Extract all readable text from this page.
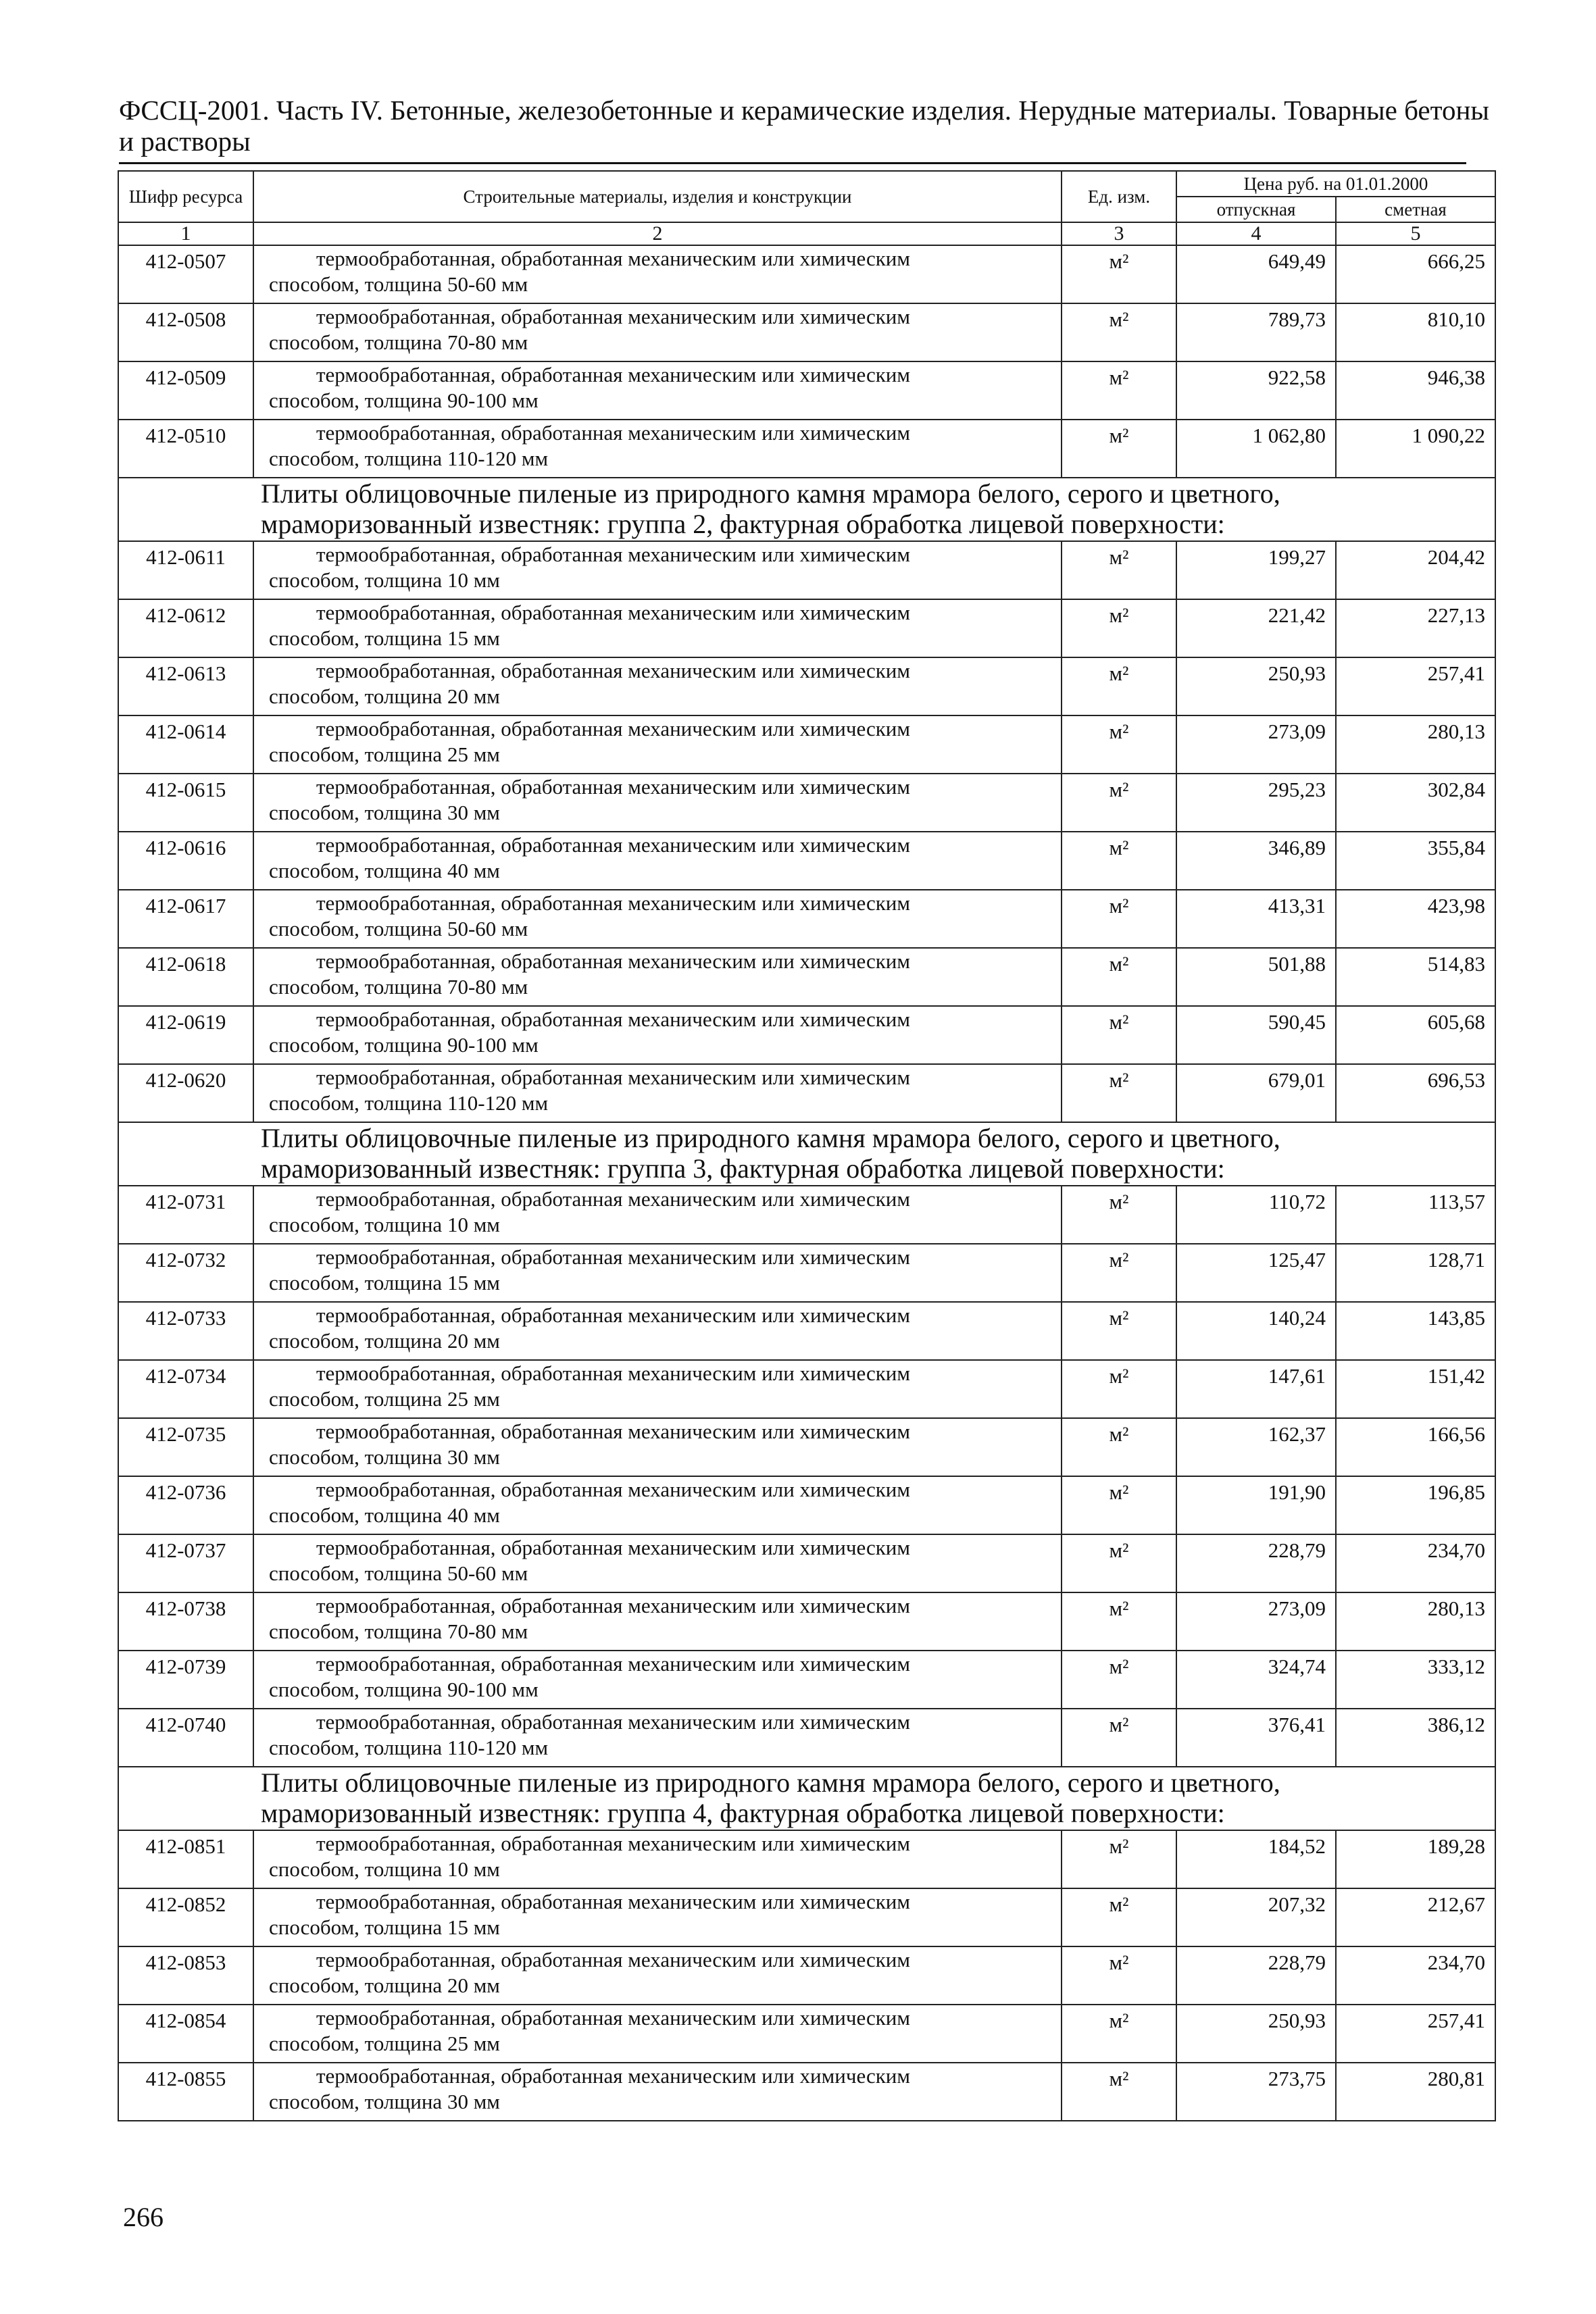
ФССЦ-2001. Часть IV. Бетонные, железобетонные и керамические изделия. Нерудные материалы. Товарные бетоны и растворы
Шифр ресурса	Строительные материалы, изделия и конструкции	Ед. изм.	Цена руб. на 01.01.2000	
			отпускная	сметная
1	2	3	4	5
412-0507	термообработанная, обработанная механическим или химическим
способом, толщина 50-60 мм	м²	649,49	666,25
412-0508	термообработанная, обработанная механическим или химическим
способом, толщина 70-80 мм	м²	789,73	810,10
412-0509	термообработанная, обработанная механическим или химическим
способом, толщина 90-100 мм	м²	922,58	946,38
412-0510	термообработанная, обработанная механическим или химическим
способом, толщина 110-120 мм	м²	1 062,80	1 090,22

Плиты облицовочные пиленые из природного камня мрамора белого, серого и цветного,
мраморизованный известняк: группа 2, фактурная обработка лицевой поверхности:				

412-0611	термообработанная, обработанная механическим или химическим
способом, толщина 10 мм	м²	199,27	204,42
412-0612	термообработанная, обработанная механическим или химическим
способом, толщина 15 мм	м²	221,42	227,13
412-0613	термообработанная, обработанная механическим или химическим
способом, толщина 20 мм	м²	250,93	257,41
412-0614	термообработанная, обработанная механическим или химическим
способом, толщина 25 мм	м²	273,09	280,13
412-0615	термообработанная, обработанная механическим или химическим
способом, толщина 30 мм	м²	295,23	302,84
412-0616	термообработанная, обработанная механическим или химическим
способом, толщина 40 мм	м²	346,89	355,84
412-0617	термообработанная, обработанная механическим или химическим
способом, толщина 50-60 мм	м²	413,31	423,98
412-0618	термообработанная, обработанная механическим или химическим
способом, толщина 70-80 мм	м²	501,88	514,83
412-0619	термообработанная, обработанная механическим или химическим
способом, толщина 90-100 мм	м²	590,45	605,68
412-0620	термообработанная, обработанная механическим или химическим
способом, толщина 110-120 мм	м²	679,01	696,53

Плиты облицовочные пиленые из природного камня мрамора белого, серого и цветного,
мраморизованный известняк: группа 3, фактурная обработка лицевой поверхности:				

412-0731	термообработанная, обработанная механическим или химическим
способом, толщина 10 мм	м²	110,72	113,57
412-0732	термообработанная, обработанная механическим или химическим
способом, толщина 15 мм	м²	125,47	128,71
412-0733	термообработанная, обработанная механическим или химическим
способом, толщина 20 мм	м²	140,24	143,85
412-0734	термообработанная, обработанная механическим или химическим
способом, толщина 25 мм	м²	147,61	151,42
412-0735	термообработанная, обработанная механическим или химическим
способом, толщина 30 мм	м²	162,37	166,56
412-0736	термообработанная, обработанная механическим или химическим
способом, толщина 40 мм	м²	191,90	196,85
412-0737	термообработанная, обработанная механическим или химическим
способом, толщина 50-60 мм	м²	228,79	234,70
412-0738	термообработанная, обработанная механическим или химическим
способом, толщина 70-80 мм	м²	273,09	280,13
412-0739	термообработанная, обработанная механическим или химическим
способом, толщина 90-100 мм	м²	324,74	333,12
412-0740	термообработанная, обработанная механическим или химическим
способом, толщина 110-120 мм	м²	376,41	386,12

Плиты облицовочные пиленые из природного камня мрамора белого, серого и цветного,
мраморизованный известняк: группа 4, фактурная обработка лицевой поверхности:				

412-0851	термообработанная, обработанная механическим или химическим
способом, толщина 10 мм	м²	184,52	189,28
412-0852	термообработанная, обработанная механическим или химическим
способом, толщина 15 мм	м²	207,32	212,67
412-0853	термообработанная, обработанная механическим или химическим
способом, толщина 20 мм	м²	228,79	234,70
412-0854	термообработанная, обработанная механическим или химическим
способом, толщина 25 мм	м²	250,93	257,41
412-0855	термообработанная, обработанная механическим или химическим
способом, толщина 30 мм	м²	273,75	280,81
266
